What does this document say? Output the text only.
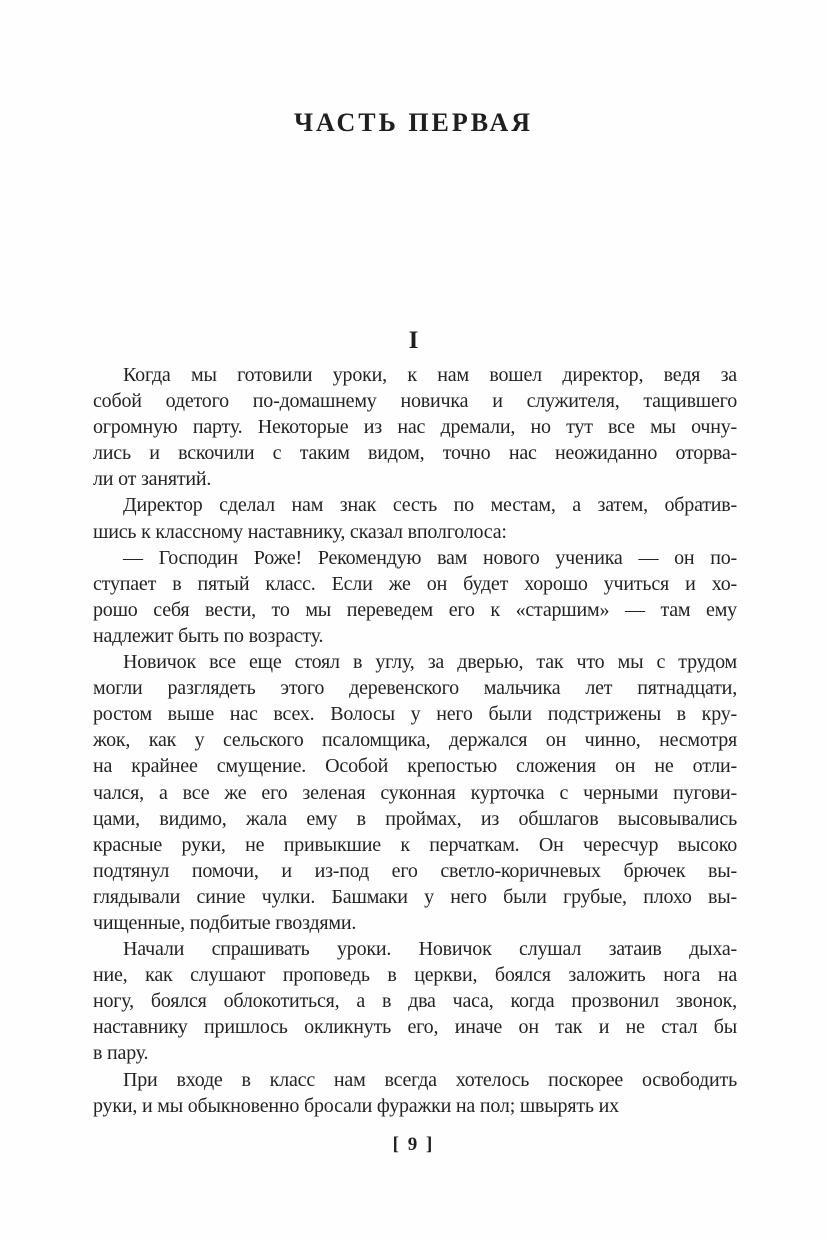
ЧАСТЬ ПЕРВАЯ
I
Когда мы готовили уроки, к нам вошел директор, ведя за
собой одетого по-домашнему новичка и служителя, тащившего
огромную парту. Некоторые из нас дремали, но тут все мы очну-
лись и вскочили с таким видом, точно нас неожиданно оторва-
ли от занятий.
Директор сделал нам знак сесть по местам, а затем, обратив-
шись к классному наставнику, сказал вполголоса:
— Господин Роже! Рекомендую вам нового ученика — он по-
ступает в пятый класс. Если же он будет хорошо учиться и хо-
рошо себя вести, то мы переведем его к «старшим» — там ему
надлежит быть по возрасту.
Новичок все еще стоял в углу, за дверью, так что мы с трудом
могли разглядеть этого деревенского мальчика лет пятнадцати,
ростом выше нас всех. Волосы у него были подстрижены в кру-
жок, как у сельского псаломщика, держался он чинно, несмотря
на крайнее смущение. Особой крепостью сложения он не отли-
чался, а все же его зеленая суконная курточка с черными пугови-
цами, видимо, жала ему в проймах, из обшлагов высовывались
красные руки, не привыкшие к перчаткам. Он чересчур высоко
подтянул помочи, и из-под его светло-коричневых брючек вы-
глядывали синие чулки. Башмаки у него были грубые, плохо вы-
чищенные, подбитые гвоздями.
Начали спрашивать уроки. Новичок слушал затаив дыха-
ние, как слушают проповедь в церкви, боялся заложить нога на
ногу, боялся облокотиться, а в два часа, когда прозвонил звонок,
наставнику пришлось окликнуть его, иначе он так и не стал бы
в пару.
При входе в класс нам всегда хотелось поскорее освободить
руки, и мы обыкновенно бросали фуражки на пол; швырять их
[ 9 ]
